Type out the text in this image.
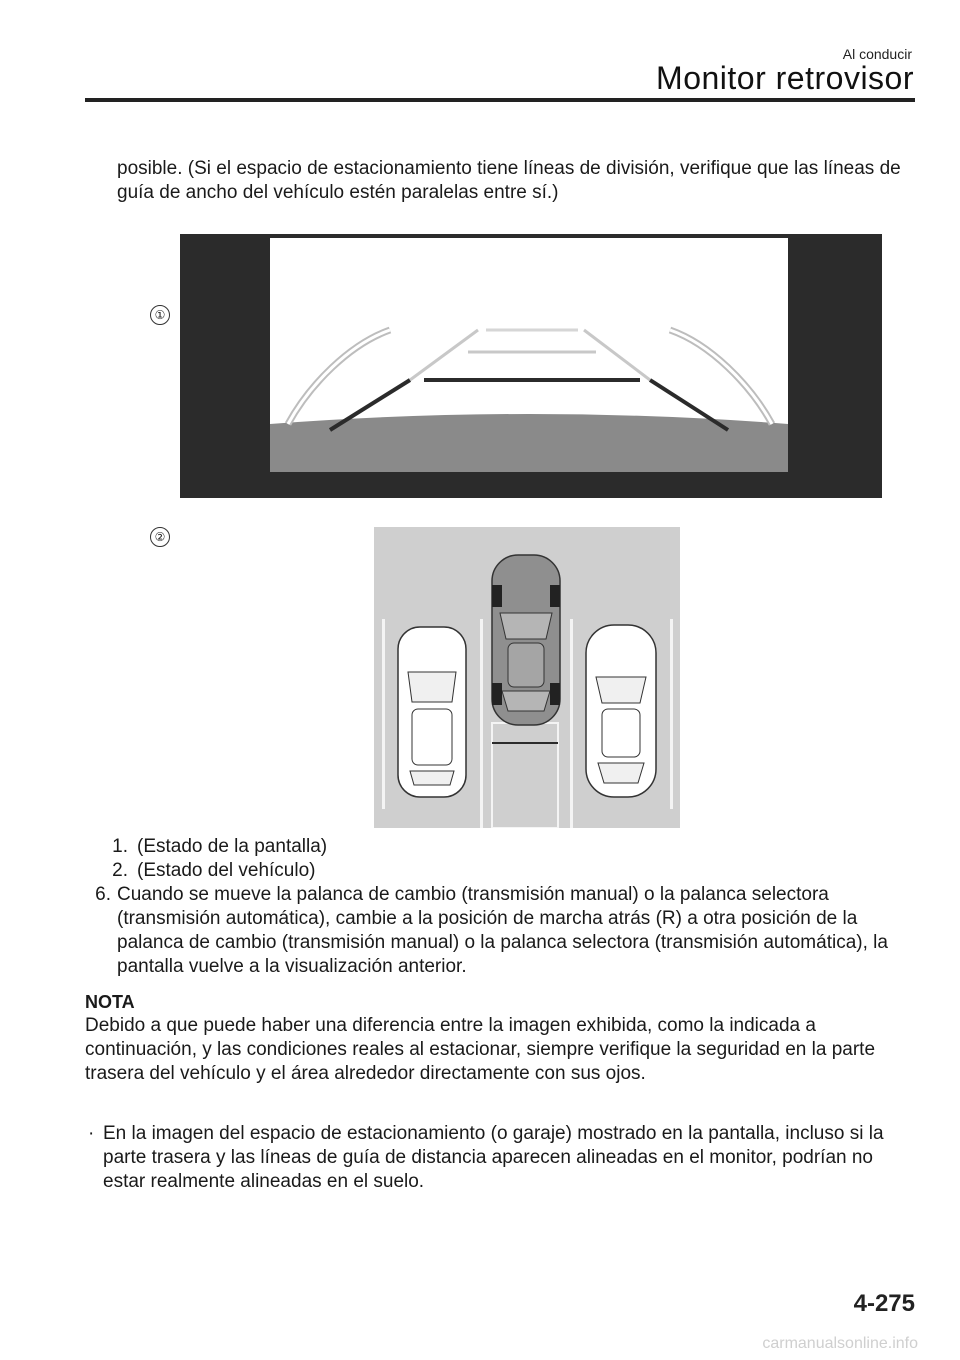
Al conducir
Monitor retrovisor
posible. (Si el espacio de estacionamiento tiene líneas de división, verifique que las líneas de guía de ancho del vehículo estén paralelas entre sí.)
①
②
1. (Estado de la pantalla)
2. (Estado del vehículo)
6. Cuando se mueve la palanca de cambio (transmisión manual) o la palanca selectora (transmisión automática), cambie a la posición de marcha atrás (R) a otra posición de la palanca de cambio (transmisión manual) o la palanca selectora (transmisión automática), la pantalla vuelve a la visualización anterior.
NOTA
Debido a que puede haber una diferencia entre la imagen exhibida, como la indicada a continuación, y las condiciones reales al estacionar, siempre verifique la seguridad en la parte trasera del vehículo y el área alrededor directamente con sus ojos.
· En la imagen del espacio de estacionamiento (o garaje) mostrado en la pantalla, incluso si la parte trasera y las líneas de guía de distancia aparecen alineadas en el monitor, podrían no estar realmente alineadas en el suelo.
4-275
carmanualsonline.info
